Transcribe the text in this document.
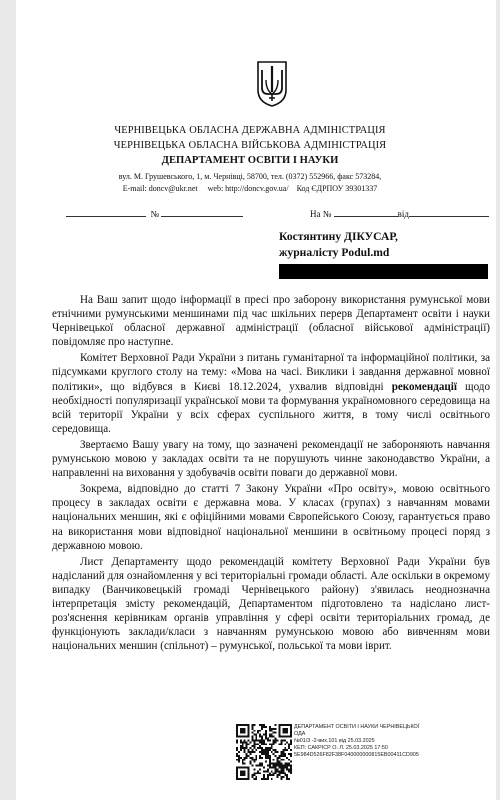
ЧЕРНІВЕЦЬКА ОБЛАСНА ДЕРЖАВНА АДМІНІСТРАЦІЯ
ЧЕРНІВЕЦЬКА ОБЛАСНА ВІЙСЬКОВА АДМІНІСТРАЦІЯ
ДЕПАРТАМЕНТ ОСВІТИ І НАУКИ
вул. М. Грушевського, 1, м. Чернівці, 58700, тел. (0372) 552966, факс 573284,
E-mail: doncv@ukr.net web: http://doncv.gov.ua/ Код ЄДРПОУ 39301337
№	На №	від
Костянтину ДІКУСАР,
журналісту Podul.md

На Ваш запит щодо інформації в пресі про заборону використання румунської мови етнічними румунськими меншинами під час шкільних перерв Департамент освіти і науки Чернівецької обласної державної адміністрації (обласної військової адміністрації) повідомляє про наступне.

Комітет Верховної Ради України з питань гуманітарної та інформаційної політики, за підсумками круглого столу на тему: «Мова на часі. Виклики і завдання державної мовної політики», що відбувся в Києві 18.12.2024, ухвалив відповідні рекомендації щодо необхідності популяризації української мови та формування україномовного середовища на всій території України у всіх сферах суспільного життя, в тому числі освітнього середовища.

Звертаємо Вашу увагу на тому, що зазначені рекомендації не забороняють навчання румунською мовою у закладах освіти та не порушують чинне законодавство України, а направленні на виховання у здобувачів освіти поваги до державної мови.

Зокрема, відповідно до статті 7 Закону України «Про освіту», мовою освітнього процесу в закладах освіти є державна мова. У класах (групах) з навчанням мовами національних меншин, які є офіційними мовами Європейського Союзу, гарантується право на використання мови відповідної національної меншини в освітньому процесі поряд з державною мовою.

Лист Департаменту щодо рекомендацій комітету Верховної Ради України був надісланий для ознайомлення у всі територіальні громади області. Але оскільки в окремому випадку (Ванчиковецькій громаді Чернівецького району) з'явилась неоднозначна інтерпретація змісту рекомендацій, Департаментом підготовлено та надіслано лист-роз'яснення керівникам органів управління у сфері освіти територіальних громад, де функціонують заклади/класи з навчанням румунською мовою або вивченням мови національних меншин (спільнот) – румунської, польської та мови іврит.

ДЕПАРТАМЕНТ ОСВІТИ І НАУКИ ЧЕРНІВЕЦЬКОЇ
ОДА
№01/3 -2-вих.101 від 25.03.2025
КЕП: САКРІСР О. Л. 25.03.2025 17:50
5E984D526F82F38F040000000815EB00411CD905
